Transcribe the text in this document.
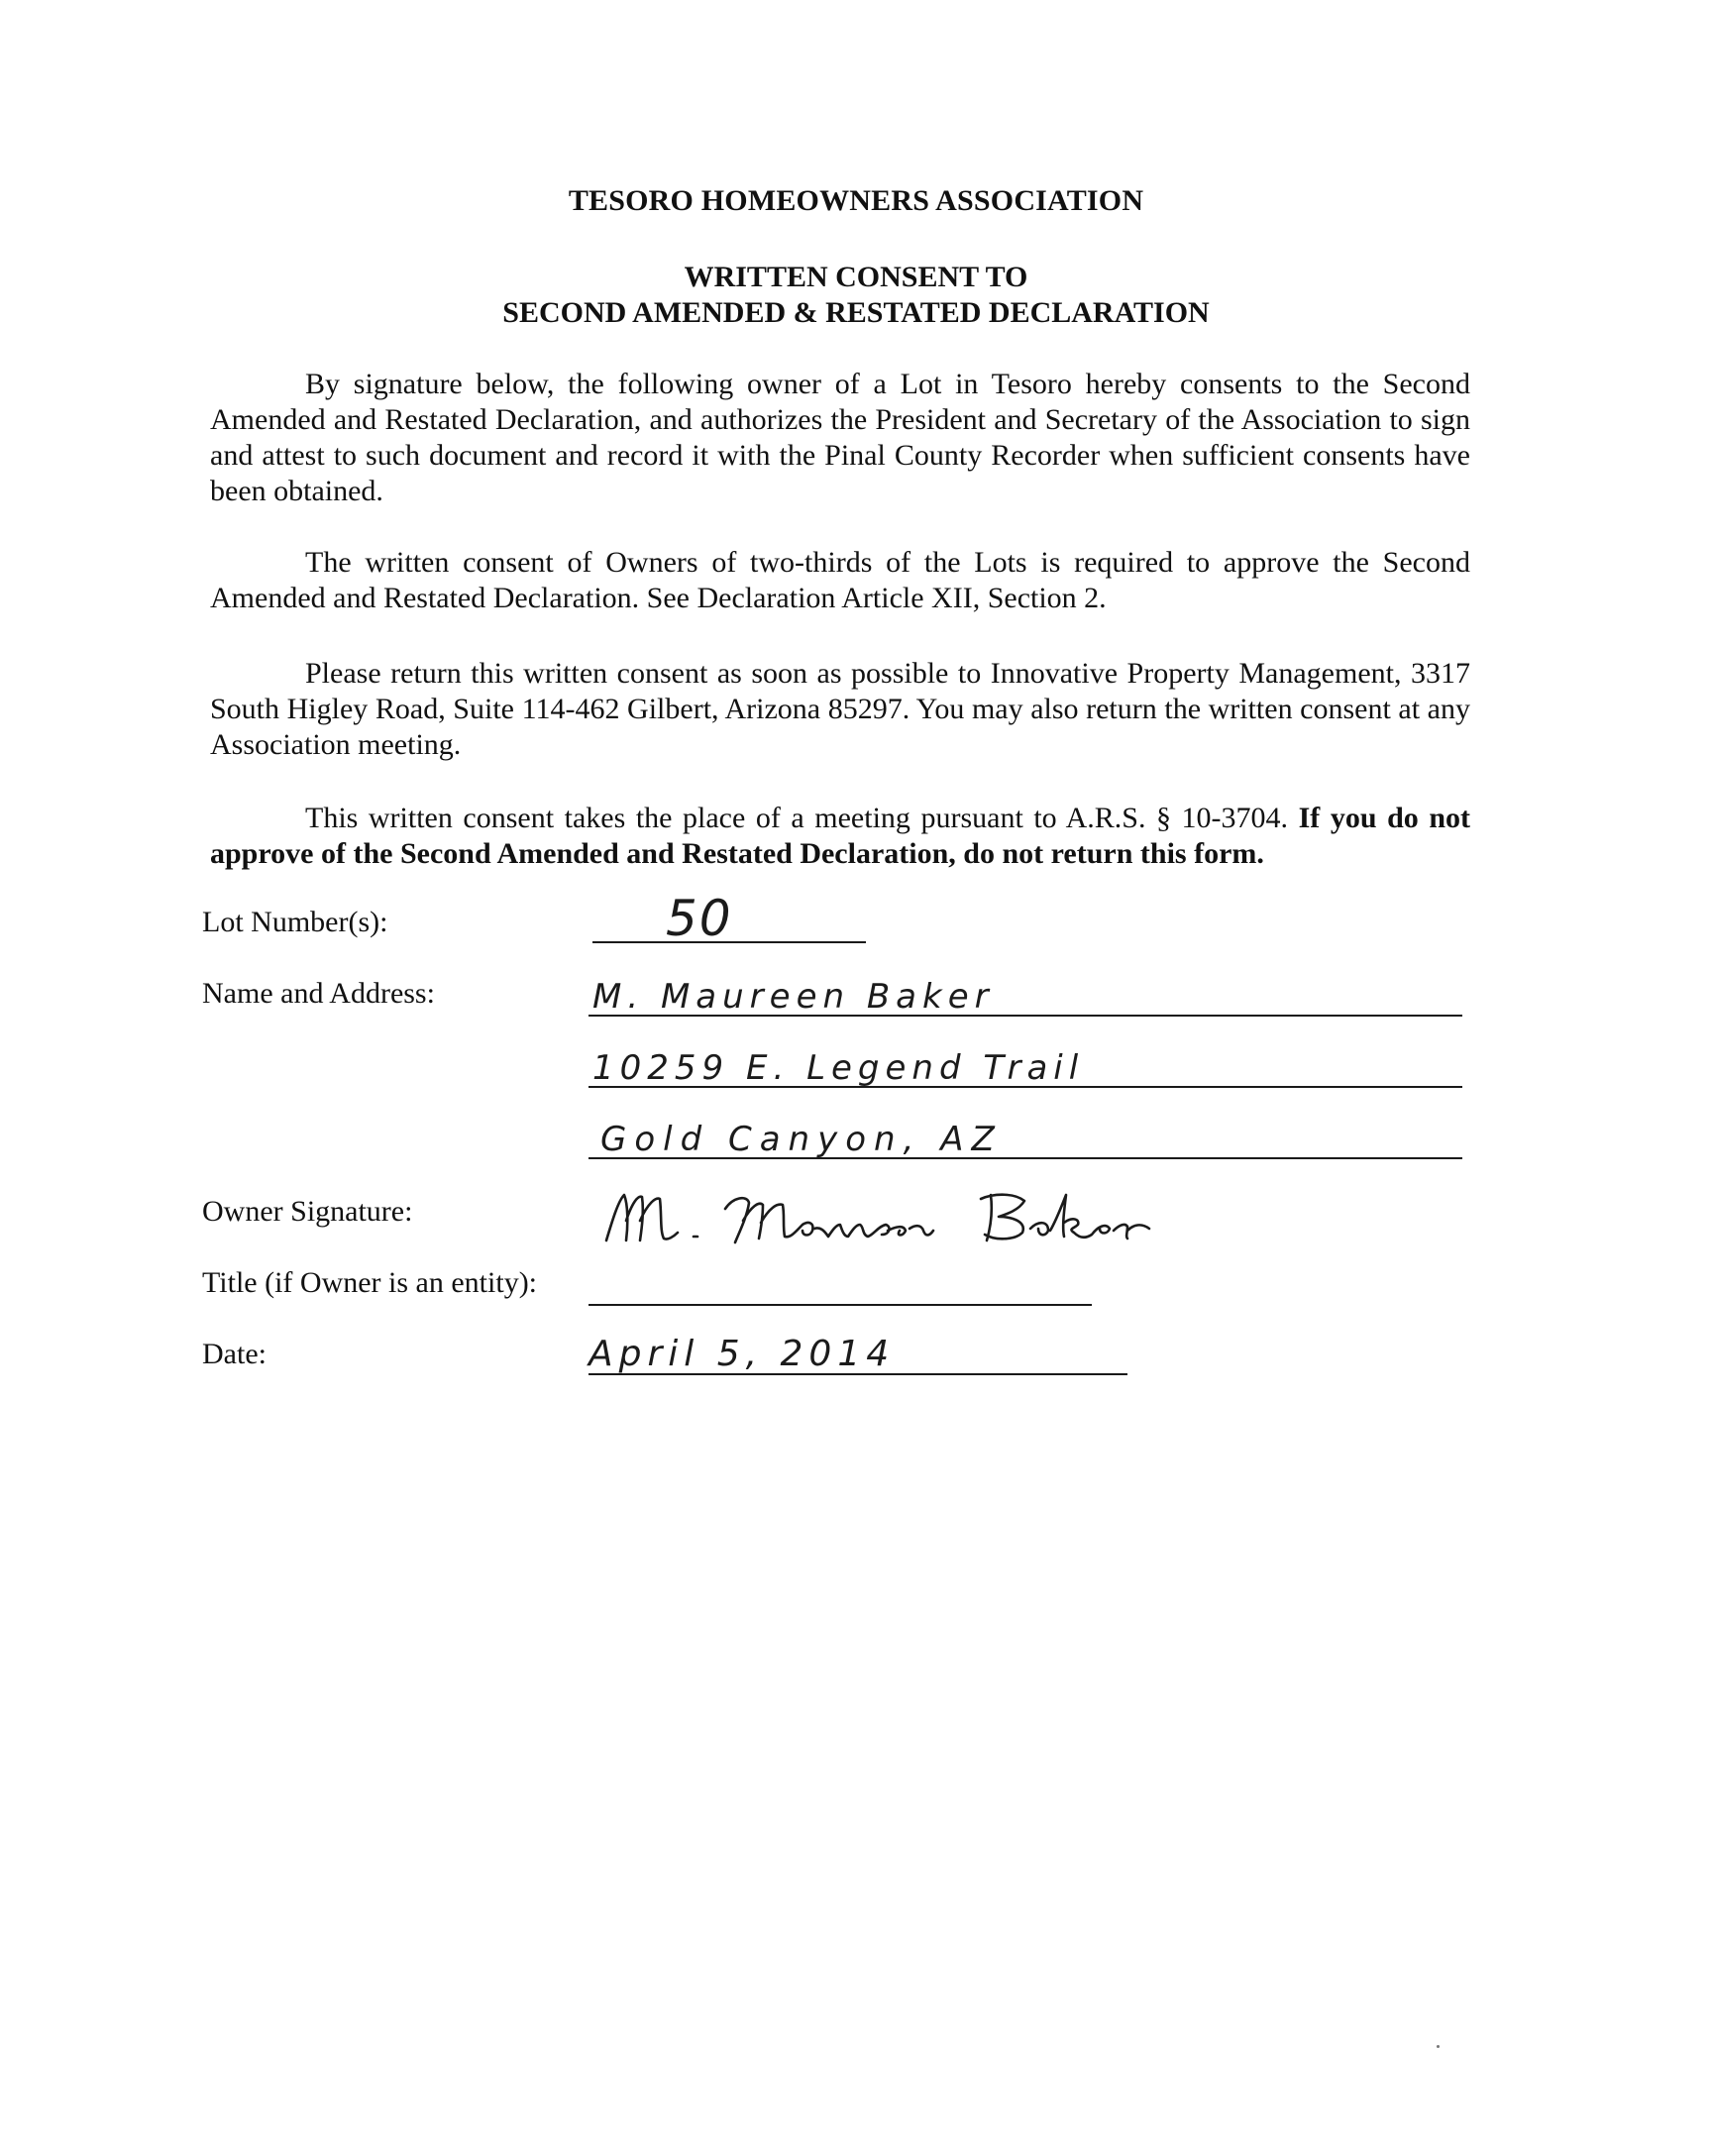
TESORO HOMEOWNERS ASSOCIATION
WRITTEN CONSENT TO
SECOND AMENDED & RESTATED DECLARATION
By signature below, the following owner of a Lot in Tesoro hereby consents to the Second Amended and Restated Declaration, and authorizes the President and Secretary of the Association to sign and attest to such document and record it with the Pinal County Recorder when sufficient consents have been obtained.
The written consent of Owners of two-thirds of the Lots is required to approve the Second Amended and Restated Declaration. See Declaration Article XII, Section 2.
Please return this written consent as soon as possible to Innovative Property Management, 3317 South Higley Road, Suite 114-462 Gilbert, Arizona 85297. You may also return the written consent at any Association meeting.
This written consent takes the place of a meeting pursuant to A.R.S. § 10-3704. If you do not approve of the Second Amended and Restated Declaration, do not return this form.
Lot Number(s):	50
Name and Address:	M. Maureen Baker
10259 E. Legend Trail
Gold Canyon, AZ
Owner Signature:
Title (if Owner is an entity):
Date:	April 5, 2014
